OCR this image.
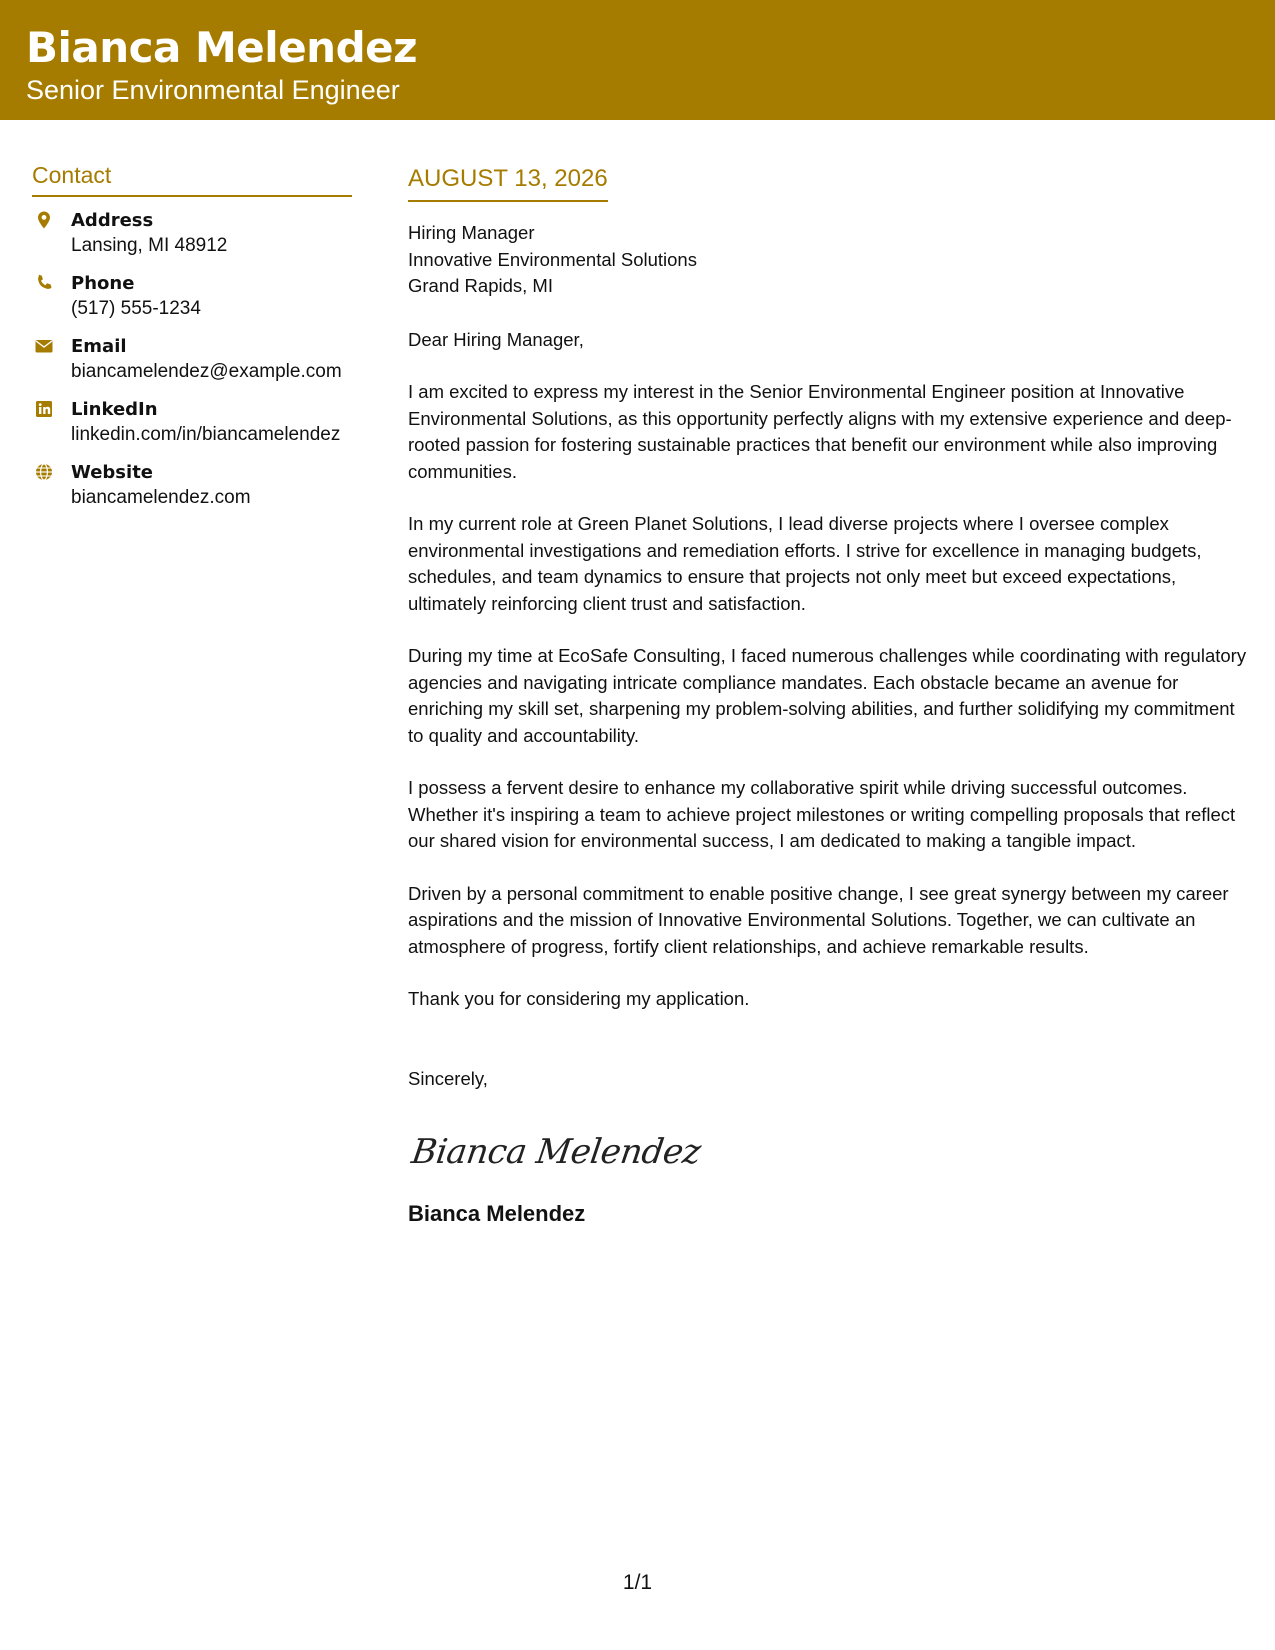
Bianca Melendez
Senior Environmental Engineer
Contact
Address
Lansing, MI 48912
Phone
(517) 555-1234
Email
biancamelendez@example.com
LinkedIn
linkedin.com/in/biancamelendez
Website
biancamelendez.com
AUGUST 13, 2026
Hiring Manager
Innovative Environmental Solutions
Grand Rapids, MI
Dear Hiring Manager,
I am excited to express my interest in the Senior Environmental Engineer position at Innovative Environmental Solutions, as this opportunity perfectly aligns with my extensive experience and deep-rooted passion for fostering sustainable practices that benefit our environment while also improving communities.
In my current role at Green Planet Solutions, I lead diverse projects where I oversee complex environmental investigations and remediation efforts. I strive for excellence in managing budgets, schedules, and team dynamics to ensure that projects not only meet but exceed expectations, ultimately reinforcing client trust and satisfaction.
During my time at EcoSafe Consulting, I faced numerous challenges while coordinating with regulatory agencies and navigating intricate compliance mandates. Each obstacle became an avenue for enriching my skill set, sharpening my problem-solving abilities, and further solidifying my commitment to quality and accountability.
I possess a fervent desire to enhance my collaborative spirit while driving successful outcomes. Whether it's inspiring a team to achieve project milestones or writing compelling proposals that reflect our shared vision for environmental success, I am dedicated to making a tangible impact.
Driven by a personal commitment to enable positive change, I see great synergy between my career aspirations and the mission of Innovative Environmental Solutions. Together, we can cultivate an atmosphere of progress, fortify client relationships, and achieve remarkable results.
Thank you for considering my application.
Sincerely,
Bianca Melendez
Bianca Melendez
1/1
